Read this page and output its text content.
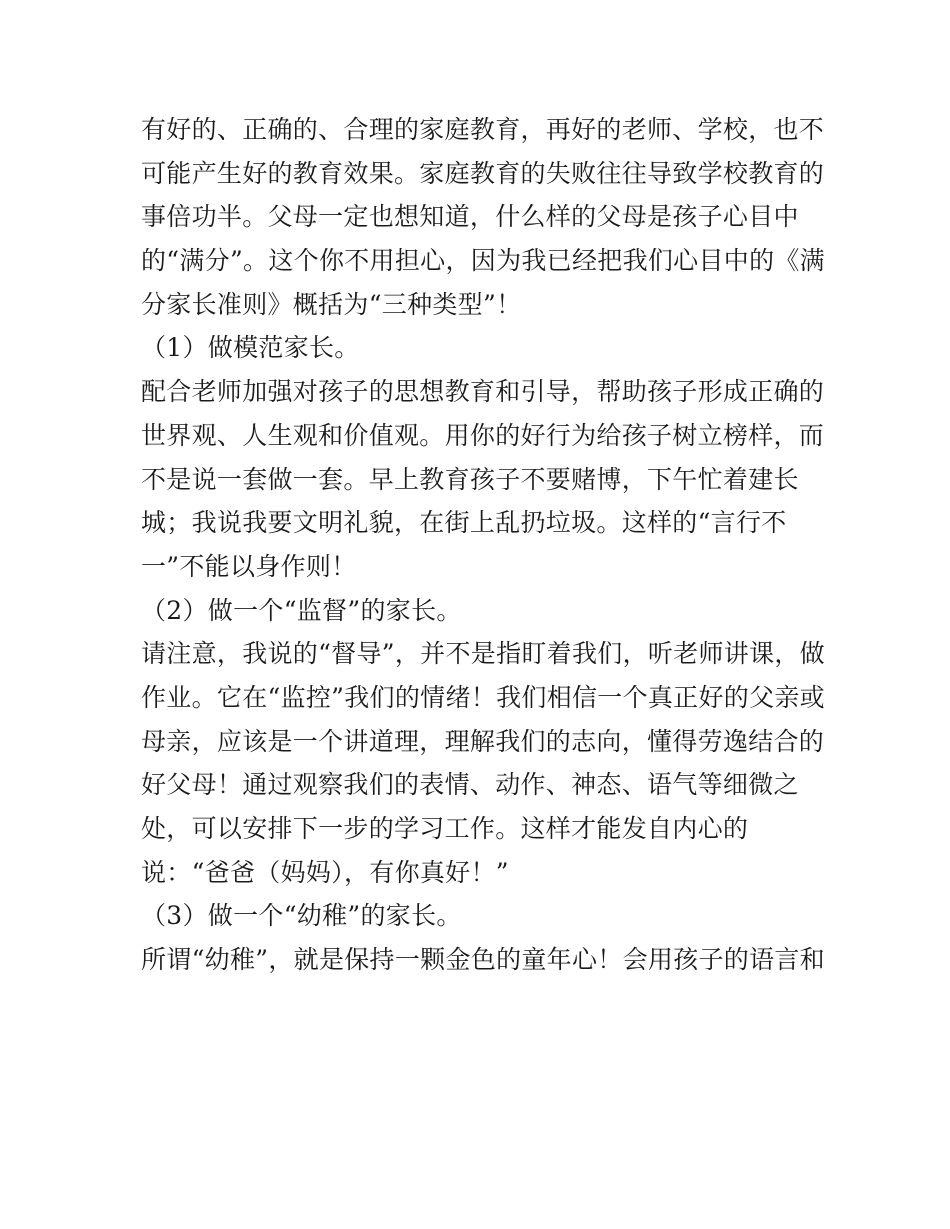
有好的、正确的、合理的家庭教育，再好的老师、学校，也不
可能产生好的教育效果。家庭教育的失败往往导致学校教育的
事倍功半。父母一定也想知道，什么样的父母是孩子心目中
的“满分”。这个你不用担心，因为我已经把我们心目中的《满
分家长准则》概括为“三种类型”！
（1）做模范家长。
配合老师加强对孩子的思想教育和引导，帮助孩子形成正确的
世界观、人生观和价值观。用你的好行为给孩子树立榜样，而
不是说一套做一套。早上教育孩子不要赌博，下午忙着建长
城；我说我要文明礼貌，在街上乱扔垃圾。这样的“言行不
一”不能以身作则！
（2）做一个“监督”的家长。
请注意，我说的“督导”，并不是指盯着我们，听老师讲课，做
作业。它在“监控”我们的情绪！我们相信一个真正好的父亲或
母亲，应该是一个讲道理，理解我们的志向，懂得劳逸结合的
好父母！通过观察我们的表情、动作、神态、语气等细微之
处，可以安排下一步的学习工作。这样才能发自内心的
说：“爸爸（妈妈），有你真好！”
（3）做一个“幼稚”的家长。
所谓“幼稚”，就是保持一颗金色的童年心！会用孩子的语言和
